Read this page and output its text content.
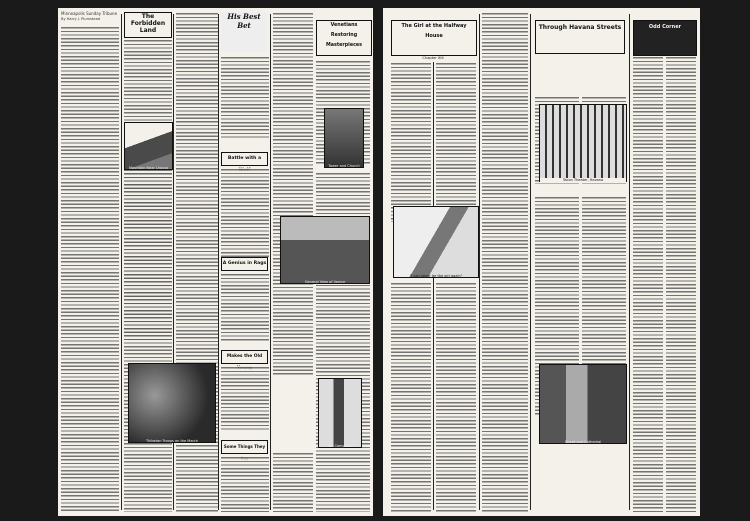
Minneapolis Sunday Tribune
By Harry J. Plumstead	The Forbidden Land
Mountain Near Lhassa
Thibetan Troops on the March
His Best Bet
Battle with a
A Genius in Rags
Makes the Old
Some Things They
Venetians Restoring Masterpieces
Tower and Church
General View of Venice
The Campanile
The Girl at the Halfway House
Chapter XIII
"I can never be the girl again"
Through Havana Streets
Tacon Theater, Havana
Street and Cathedral
Odd Corner
